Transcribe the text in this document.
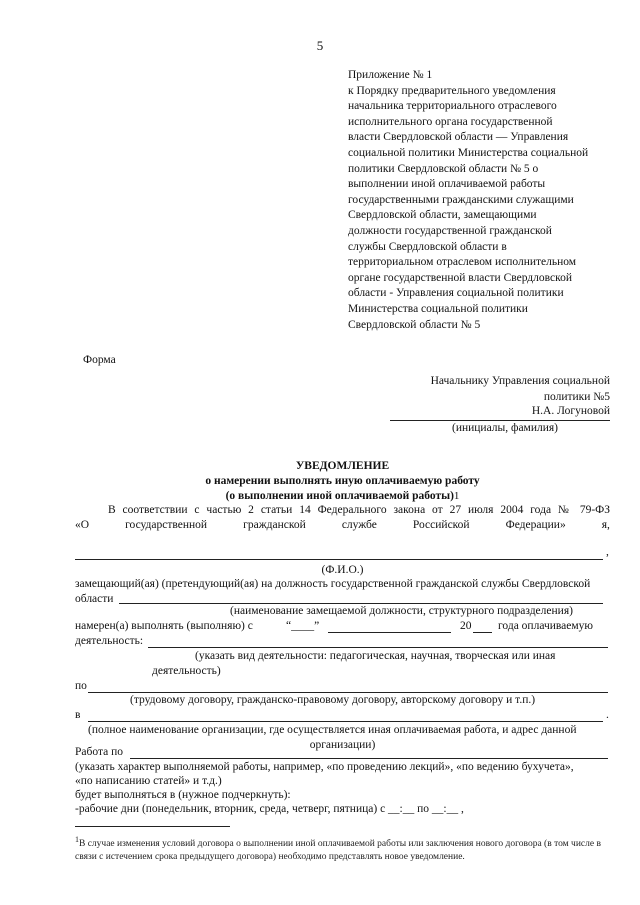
5
Приложение № 1
к Порядку предварительного уведомления
начальника территориального отраслевого
исполнительного органа государственной
власти Свердловской области — Управления
социальной политики Министерства социальной
политики Свердловской области № 5 о
выполнении иной оплачиваемой работы
государственными гражданскими служащими
Свердловской области, замещающими
должности государственной гражданской
службы Свердловской области в
территориальном отраслевом исполнительном
органе государственной власти Свердловской
области - Управления социальной политики
Министерства социальной политики
Свердловской области № 5
Форма
Начальнику Управления социальной
политики №5
Н.А. Логуновой
(инициалы, фамилия)
УВЕДОМЛЕНИЕ
о намерении выполнять иную оплачиваемую работу
(о выполнении иной оплачиваемой работы)1
В соответствии с частью 2 статьи 14 Федерального закона от 27 июля 2004 года № 79-ФЗ
«О	государственной	гражданской	службе	Российской	Федерации»	я,
,
(Ф.И.О.)
замещающий(ая) (претендующий(ая) на должность государственной гражданской службы Свердловской
области
(наименование замещаемой должности, структурного подразделения)
намерен(а) выполнять (выполняю) с	“____”	20 года оплачиваемую
деятельность:
(указать вид деятельности: педагогическая, научная, творческая или иная
деятельность)
по
(трудовому договору, гражданско-правовому договору, авторскому договору и т.п.)
в	.
(полное наименование организации, где осуществляется иная оплачиваемая работа, и адрес данной
организации)
Работа по
(указать характер выполняемой работы, например, «по проведению лекций», «по ведению бухучета»,
«по написанию статей» и т.д.)
будет выполняться в (нужное подчеркнуть):
-рабочие дни (понедельник, вторник, среда, четверг, пятница) с __:__ по __:__ ,
$^1$В случае изменения условий договора о выполнении иной оплачиваемой работы или заключения нового договора (в том числе в связи с истечением срока предыдущего договора) необходимо представлять новое уведомление.
